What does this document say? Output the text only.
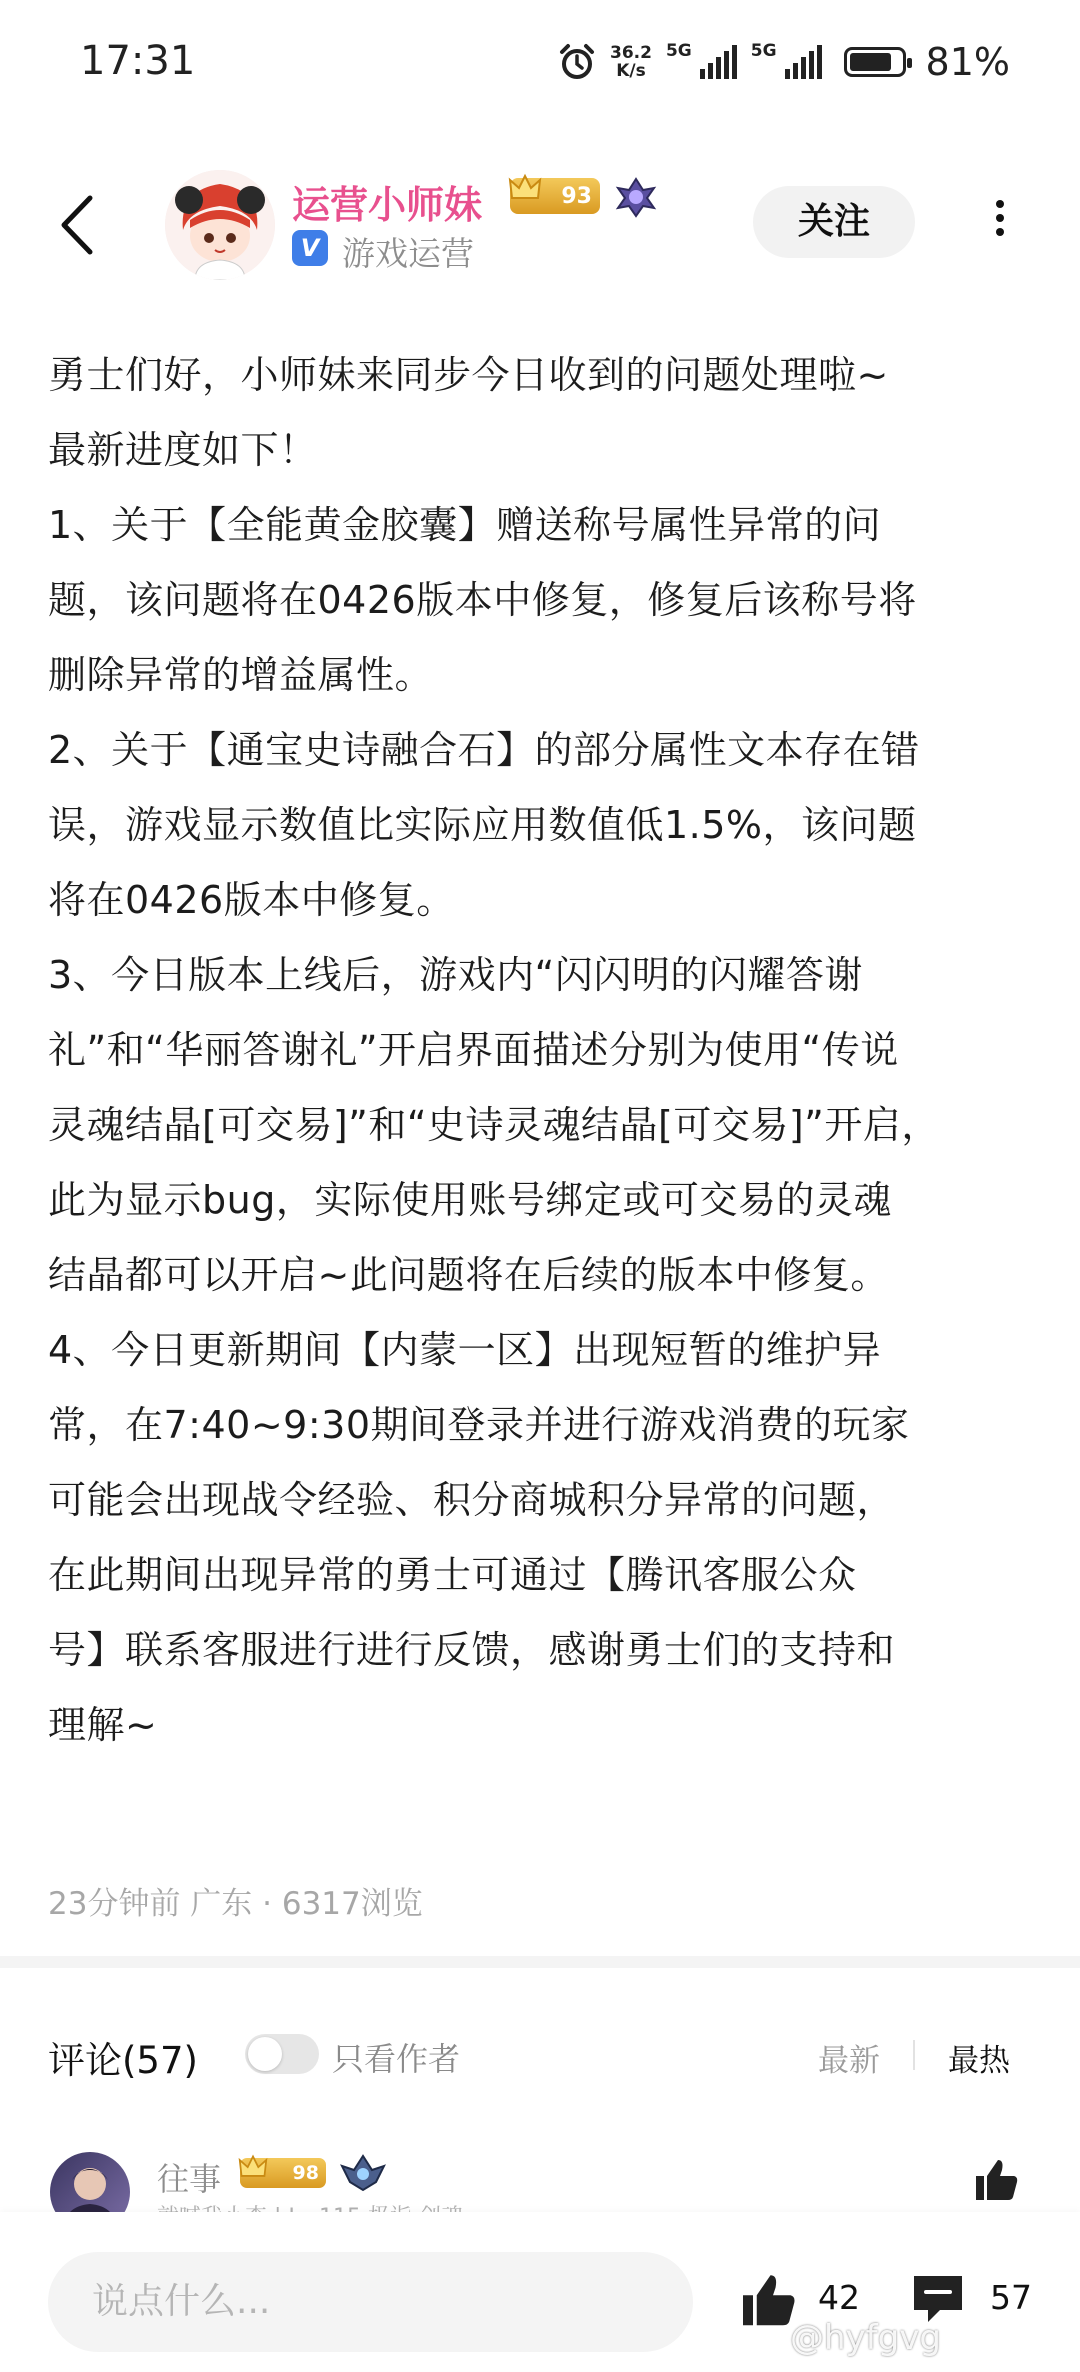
17:31	36.2
K/s
5G	5G	81%
运营小师妹	93
V 游戏运营
关注
勇士们好，小师妹来同步今日收到的问题处理啦~
最新进度如下！
1、关于【全能黄金胶囊】赠送称号属性异常的问
题，该问题将在0426版本中修复，修复后该称号将
删除异常的增益属性。
2、关于【通宝史诗融合石】的部分属性文本存在错
误，游戏显示数值比实际应用数值低1.5%，该问题
将在0426版本中修复。
3、今日版本上线后，游戏内“闪闪明的闪耀答谢
礼”和“华丽答谢礼”开启界面描述分别为使用“传说
灵魂结晶[可交易]”和“史诗灵魂结晶[可交易]”开启，
此为显示bug，实际使用账号绑定或可交易的灵魂
结晶都可以开启~此问题将在后续的版本中修复。
4、今日更新期间【内蒙一区】出现短暂的维护异
常，在7:40~9:30期间登录并进行游戏消费的玩家
可能会出现战令经验、积分商城积分异常的问题，
在此期间出现异常的勇士可通过【腾讯客服公众
号】联系客服进行进行反馈，感谢勇士们的支持和
理解~
23分钟前 广东 · 6317浏览
评论(57)	只看作者	最新 最热
往事	98
说点什么...	42	57
@hyfgvg
